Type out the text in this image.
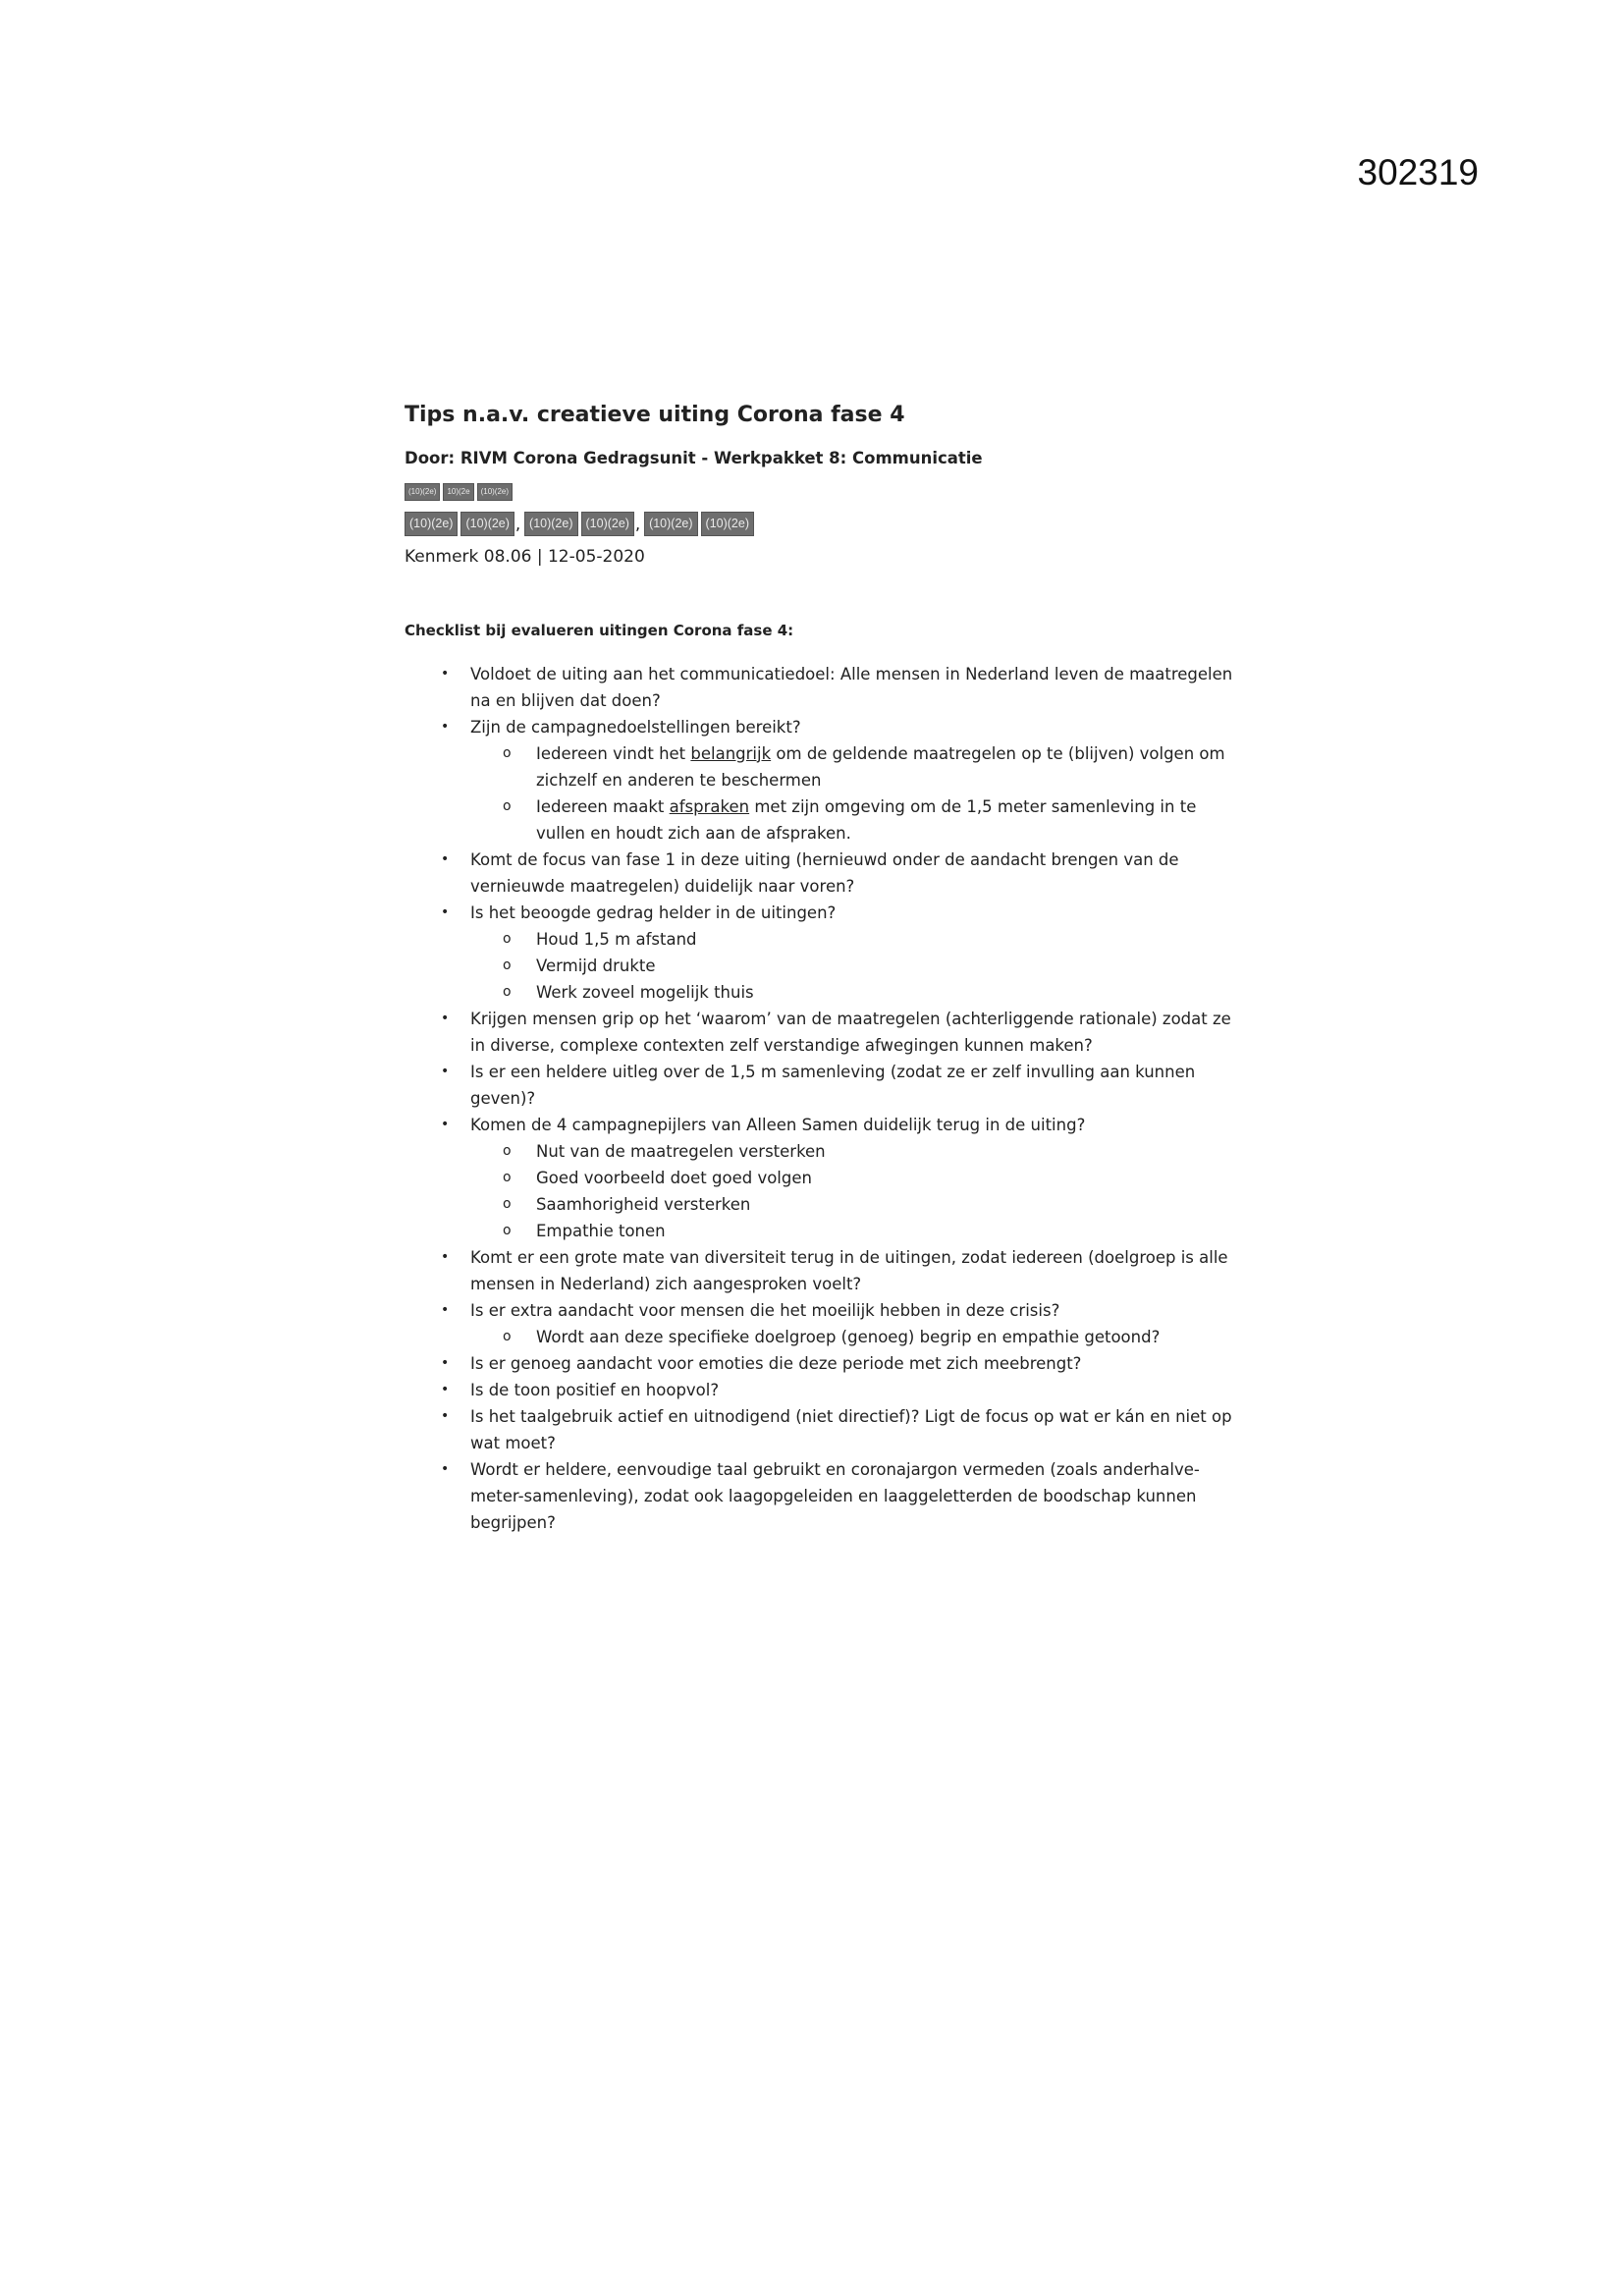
302319
Tips n.a.v. creatieve uiting Corona fase 4
Door: RIVM Corona Gedragsunit - Werkpakket 8: Communicatie
(10)(2e)	10)(2e	(10)(2e)
(10)(2e)	(10)(2e) , (10)(2e)	(10)(2e) , (10)(2e)	(10)(2e)
Kenmerk 08.06 | 12-05-2020
Checklist bij evalueren uitingen Corona fase 4:
• Voldoet de uiting aan het communicatiedoel: Alle mensen in Nederland leven de maatregelen na en blijven dat doen?
• Zijn de campagnedoelstellingen bereikt?
o Iedereen vindt het belangrijk om de geldende maatregelen op te (blijven) volgen om zichzelf en anderen te beschermen
o Iedereen maakt afspraken met zijn omgeving om de 1,5 meter samenleving in te vullen en houdt zich aan de afspraken.
• Komt de focus van fase 1 in deze uiting (hernieuwd onder de aandacht brengen van de vernieuwde maatregelen) duidelijk naar voren?
• Is het beoogde gedrag helder in de uitingen?
o Houd 1,5 m afstand
o Vermijd drukte
o Werk zoveel mogelijk thuis
• Krijgen mensen grip op het ‘waarom’ van de maatregelen (achterliggende rationale) zodat ze in diverse, complexe contexten zelf verstandige afwegingen kunnen maken?
• Is er een heldere uitleg over de 1,5 m samenleving (zodat ze er zelf invulling aan kunnen geven)?
• Komen de 4 campagnepijlers van Alleen Samen duidelijk terug in de uiting?
o Nut van de maatregelen versterken
o Goed voorbeeld doet goed volgen
o Saamhorigheid versterken
o Empathie tonen
• Komt er een grote mate van diversiteit terug in de uitingen, zodat iedereen (doelgroep is alle mensen in Nederland) zich aangesproken voelt?
• Is er extra aandacht voor mensen die het moeilijk hebben in deze crisis?
o Wordt aan deze specifieke doelgroep (genoeg) begrip en empathie getoond?
• Is er genoeg aandacht voor emoties die deze periode met zich meebrengt?
• Is de toon positief en hoopvol?
• Is het taalgebruik actief en uitnodigend (niet directief)? Ligt de focus op wat er kán en niet op wat moet?
• Wordt er heldere, eenvoudige taal gebruikt en coronajargon vermeden (zoals anderhalve-meter-samenleving), zodat ook laagopgeleiden en laaggeletterden de boodschap kunnen begrijpen?
